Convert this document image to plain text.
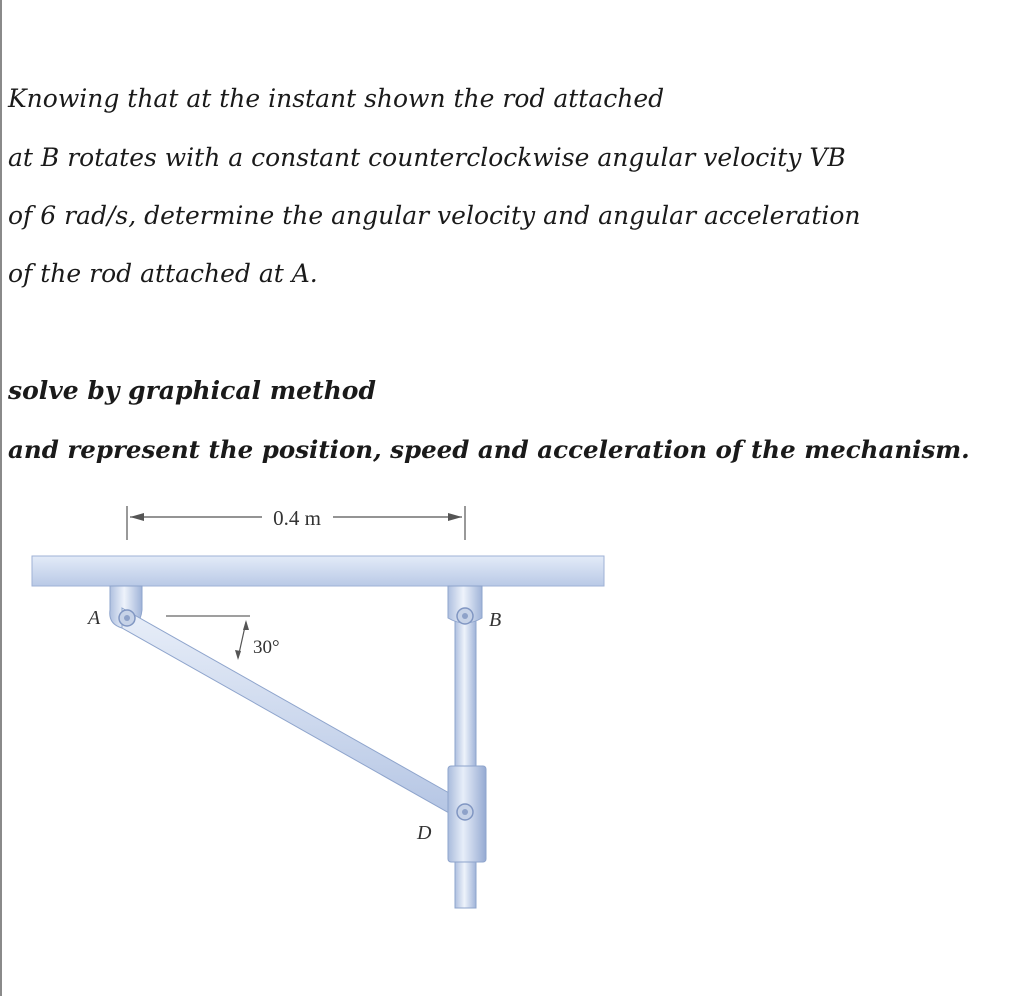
Knowing that at the instant shown the rod attached

at B rotates with a constant counterclockwise angular velocity VB

of 6 rad/s, determine the angular velocity and angular acceleration

of the rod attached at A.

solve by graphical method

and represent the position, speed and acceleration of the mechanism.

0.4 m
30°
A	B
D
